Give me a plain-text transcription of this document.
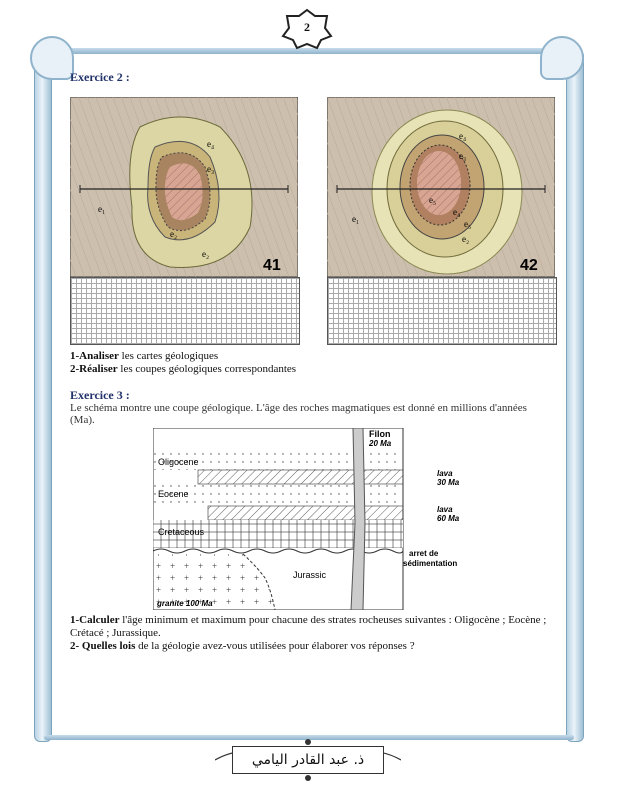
2
Exercice 2 :
e₄
e₃
e₂
e₁
e₂
41
e₄
e₃
e₅
e₂
e₁
e₄
e₅
42
1-Analiser les cartes géologiques
2-Réaliser les coupes géologiques correspondantes
Exercice 3 :
Le schéma montre une coupe géologique. L'âge des roches magmatiques est donné en millions d'années (Ma).
Oligocene
Eocene
Cretaceous
Jurassic
Filon
20 Ma
lava
30 Ma
lava
60 Ma
arret de
sédimentation
granite 100 Ma
1-Calculer l'âge minimum et maximum pour chacune des strates rocheuses suivantes : Oligocène ; Eocène ; Crétacé ; Jurassique.
2- Quelles lois de la géologie avez-vous utilisées pour élaborer vos réponses ?
ذ. عبد القادر اليامي
